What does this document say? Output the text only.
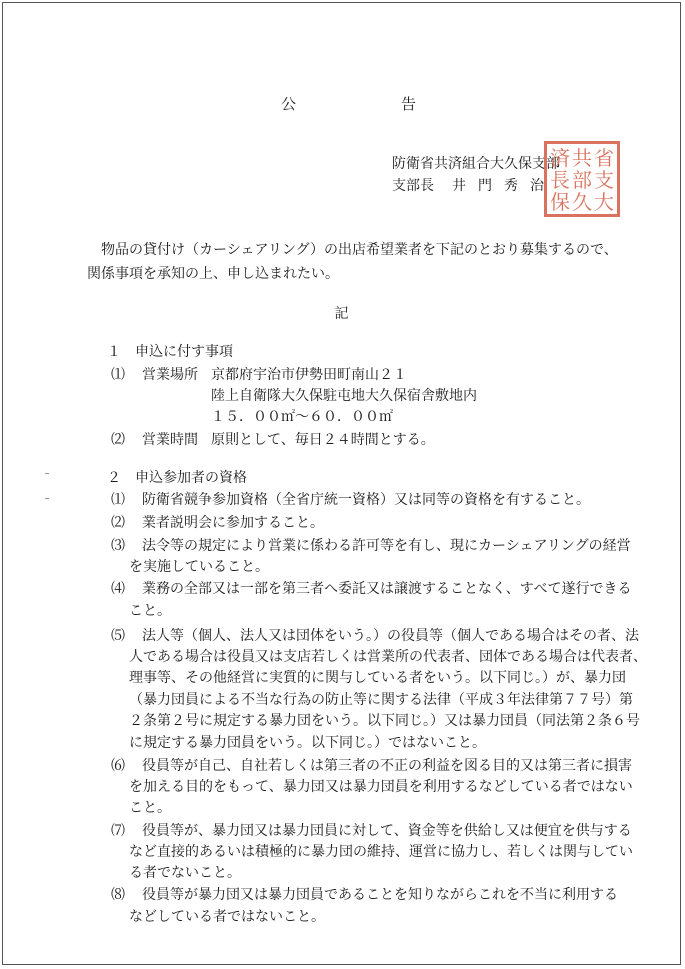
公	告
防衛省共済組合大久保支部
支部長 井 門 秀 治
済 共 省
長 部 支
保 久 大
物品の貸付け（カーシェアリング）の出店希望業者を下記のとおり募集するので、
関係事項を承知の上、申し込まれたい。
記
１　申込に付す事項
⑴ 営業場所 京都府宇治市伊勢田町南山２１
陸上自衛隊大久保駐屯地大久保宿舎敷地内
１５．００㎡～６０．００㎡
⑵ 営業時間 原則として、毎日２４時間とする。
２　申込参加者の資格
⑴ 防衛省競争参加資格（全省庁統一資格）又は同等の資格を有すること。
⑵ 業者説明会に参加すること。
⑶ 法令等の規定により営業に係わる許可等を有し、現にカーシェアリングの経営
を実施していること。
⑷ 業務の全部又は一部を第三者へ委託又は譲渡することなく、すべて遂行できる
こと。
⑸ 法人等（個人、法人又は団体をいう。）の役員等（個人である場合はその者、法
人である場合は役員又は支店若しくは営業所の代表者、団体である場合は代表者、
理事等、その他経営に実質的に関与している者をいう。以下同じ。）が、暴力団
（暴力団員による不当な行為の防止等に関する法律（平成３年法律第７７号）第
２条第２号に規定する暴力団をいう。以下同じ。）又は暴力団員（同法第２条６号
に規定する暴力団員をいう。以下同じ。）ではないこと。
⑹ 役員等が自己、自社若しくは第三者の不正の利益を図る目的又は第三者に損害
を加える目的をもって、暴力団又は暴力団員を利用するなどしている者ではない
こと。
⑺ 役員等が、暴力団又は暴力団員に対して、資金等を供給し又は便宜を供与する
など直接的あるいは積極的に暴力団の維持、運営に協力し、若しくは関与してい
る者でないこと。
⑻ 役員等が暴力団又は暴力団員であることを知りながらこれを不当に利用する
などしている者ではないこと。
